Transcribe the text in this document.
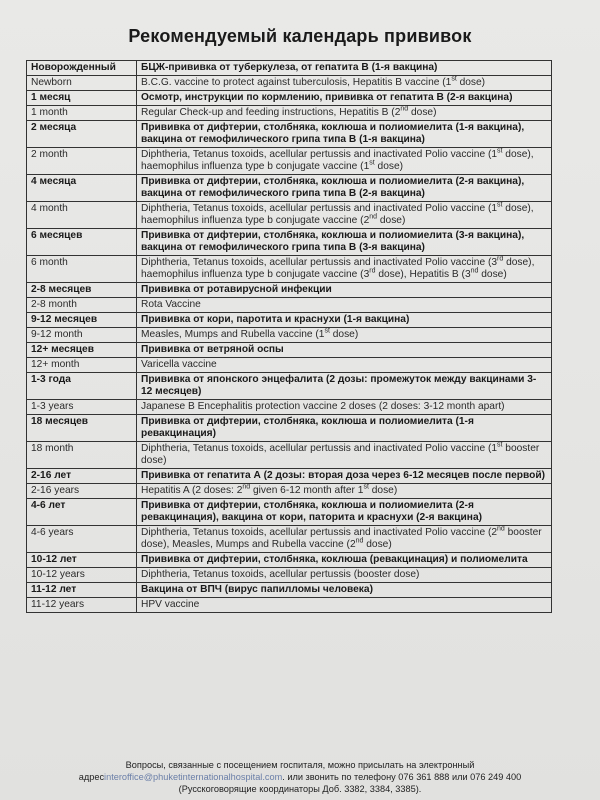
Рекомендуемый календарь прививок
Новорожденный	БЦЖ-прививка от туберкулеза, от гепатита В (1-я вакцина)
Newborn	B.C.G. vaccine to protect against tuberculosis, Hepatitis B vaccine (1st dose)
1 месяц	Осмотр, инструкции по кормлению, прививка от гепатита В (2-я вакцина)
1 month	Regular Check-up and feeding instructions, Hepatitis B (2nd dose)
2 месяца	Прививка от дифтерии, столбняка, коклюша и полиомиелита (1-я вакцина), вакцина от гемофилического грипа типа В (1-я вакцина)
2 month	Diphtheria, Tetanus toxoids, acellular pertussis and inactivated Polio vaccine (1st dose), haemophilus influenza type b conjugate vaccine (1st dose)
4 месяца	Прививка от дифтерии, столбняка, коклюша и полиомиелита (2-я вакцина), вакцина от гемофилического грипа типа В (2-я вакцина)
4 month	Diphtheria, Tetanus toxoids, acellular pertussis and inactivated Polio vaccine (1st dose), haemophilus influenza type b conjugate vaccine (2nd dose)
6 месяцев	Прививка от дифтерии, столбняка, коклюша и полиомиелита (3-я вакцина), вакцина от гемофилического грипа типа В (3-я вакцина)
6 month	Diphtheria, Tetanus toxoids, acellular pertussis and inactivated Polio vaccine (3rd dose), haemophilus influenza type b conjugate vaccine (3rd dose), Hepatitis B (3nd dose)
2-8 месяцев	Прививка от ротавирусной инфекции
2-8 month	Rota Vaccine
9-12 месяцев	Прививка от кори, паротита и краснухи (1-я вакцина)
9-12 month	Measles, Mumps and Rubella vaccine (1st dose)
12+ месяцев	Прививка от ветряной оспы
12+ month	Varicella vaccine
1-3 года	Прививка от японского энцефалита (2 дозы: промежуток между вакцинами 3-12 месяцев)
1-3 years	Japanese B Encephalitis protection vaccine 2 doses (2 doses: 3-12 month apart)
18 месяцев	Прививка от дифтерии, столбняка, коклюша и полиомиелита (1-я ревакцинация)
18 month	Diphtheria, Tetanus toxoids, acellular pertussis and inactivated Polio vaccine (1st booster dose)
2-16 лет	Прививка от гепатита А (2 дозы: вторая доза через 6-12 месяцев после первой)
2-16 years	Hepatitis A (2 doses: 2nd given 6-12 month after 1st dose)
4-6 лет	Прививка от дифтерии, столбняка, коклюша и полиомиелита (2-я ревакцинация), вакцина от кори, паторита и краснухи (2-я вакцина)
4-6 years	Diphtheria, Tetanus toxoids, acellular pertussis and inactivated Polio vaccine (2nd booster dose), Measles, Mumps and Rubella vaccine (2nd dose)
10-12 лет	Прививка от дифтерии, столбняка, коклюша (ревакцинация) и полиомелита
10-12 years	Diphtheria, Tetanus toxoids, acellular pertussis (booster dose)
11-12 лет	Вакцина от ВПЧ (вирус папилломы человека)
11-12 years	HPV vaccine
Вопросы, связанные с посещением госпиталя, можно присылать на электронный
адресinteroffice@phuketinternationalhospital.com. или звонить по телефону 076 361 888 или 076 249 400
(Русскоговорящие координаторы Доб. 3382, 3384, 3385).
